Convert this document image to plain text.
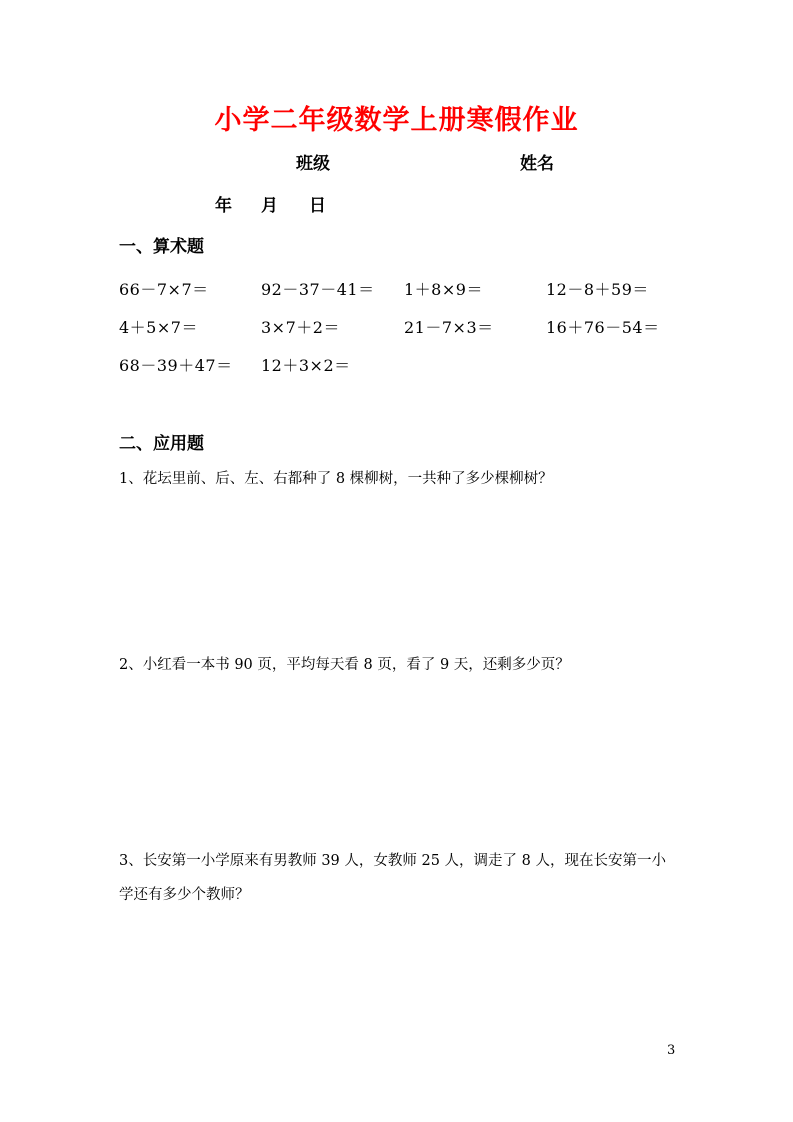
小学二年级数学上册寒假作业
班级	姓名
年 月 日
一、算术题
66－7×7＝	92－37－41＝ 1＋8×9＝	12－8＋59＝
4＋5×7＝	3×7＋2＝	21－7×3＝	16＋76－54＝
68－39＋47＝ 12＋3×2＝
二、应用题
1、花坛里前、后、左、右都种了 8 棵柳树，一共种了多少棵柳树？
2、小红看一本书 90 页，平均每天看 8 页，看了 9 天，还剩多少页？
3、长安第一小学原来有男教师 39 人，女教师 25 人，调走了 8 人，现在长安第一小学还有多少个教师？
3
